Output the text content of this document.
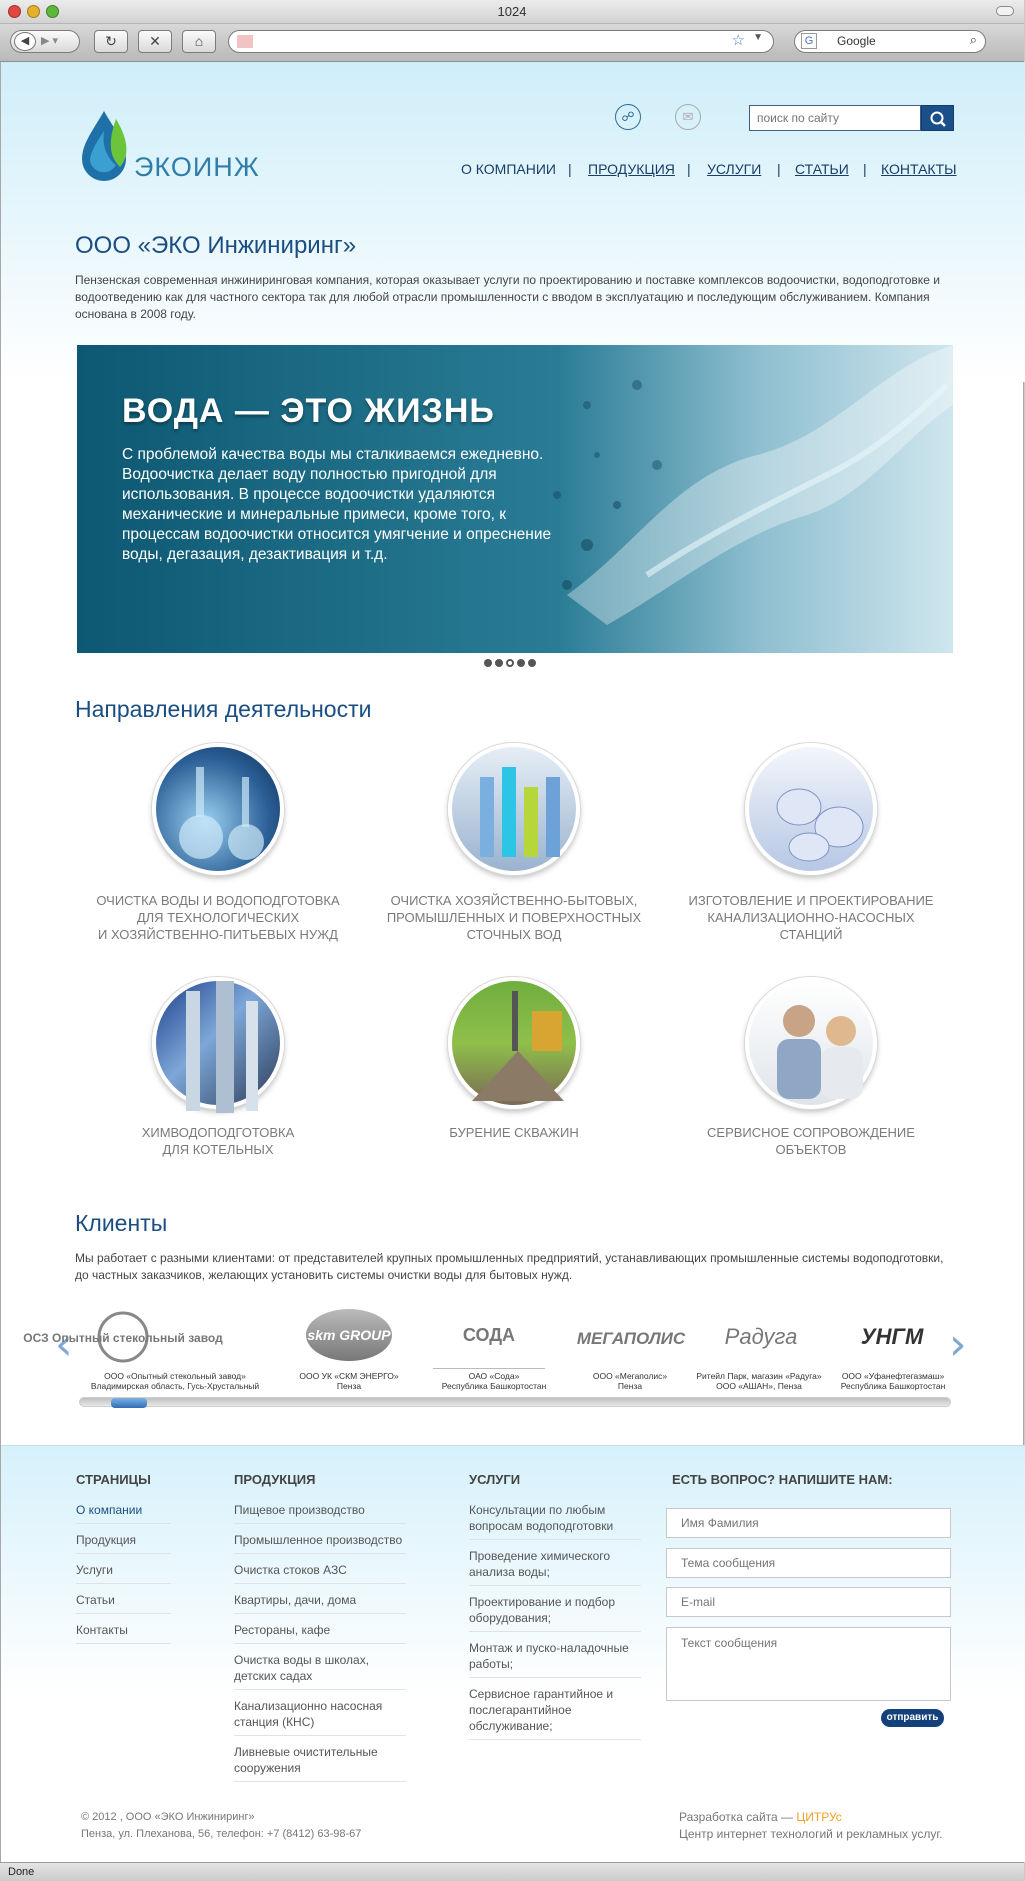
1024
◀	▶ ▾	↻	✕	⌂	☆ ▼	G	Google	⌕
ЭКОИНЖ
☍	✉
поиск по сайту
О КОМПАНИИ | ПРОДУКЦИЯ | УСЛУГИ | СТАТЬИ | КОНТАКТЫ
ООО «ЭКО Инжиниринг»

Пензенская современная инжиниринговая компания, которая оказывает услуги по проектированию и поставке комплексов водоочистки, водоподготовке и водоотведению как для частного сектора так для любой отрасли промышленности с вводом в эксплуатацию и последующим обслуживанием. Компания основана в 2008 году.

ВОДА — ЭТО ЖИЗНЬ
С проблемой качества воды мы сталкиваемся ежедневно. Водоочистка делает воду полностью пригодной для использования. В процессе водоочистки удаляются механические и минеральные примеси, кроме того, к процессам водоочистки относится умягчение и опреснение воды, дегазация, дезактивация и т.д.
Направления деятельности
ОЧИСТКА ВОДЫ И ВОДОПОДГОТОВКА
ДЛЯ ТЕХНОЛОГИЧЕСКИХ
И ХОЗЯЙСТВЕННО-ПИТЬЕВЫХ НУЖД
ОЧИСТКА ХОЗЯЙСТВЕННО-БЫТОВЫХ,
ПРОМЫШЛЕННЫХ И ПОВЕРХНОСТНЫХ
СТОЧНЫХ ВОД
ИЗГОТОВЛЕНИЕ И ПРОЕКТИРОВАНИЕ
КАНАЛИЗАЦИОННО-НАСОСНЫХ СТАНЦИЙ
ХИМВОДОПОДГОТОВКА
ДЛЯ КОТЕЛЬНЫХ
БУРЕНИЕ СКВАЖИН	СЕРВИСНОЕ СОПРОВОЖДЕНИЕ
ОБЪЕКТОВ
Клиенты

Мы работает с разными клиентами: от представителей крупных промышленных предприятий, устанавливающих промышленные системы водоподготовки, до частных заказчиков, желающих установить системы очистки воды для бытовых нужд.

‹	›
ОСЗ Опытный стекольный завод
ООО «Опытный стекольный завод»
Владимирская область, Гусь-Хрустальный
skm GROUP
ООО УК «СКМ ЭНЕРГО»
Пенза
СОДА
ОАО «Сода»
Республика Башкортостан
МЕГАПОЛИС
ООО «Мегаполис»
Пенза
Радуга
Ритейл Парк, магазин «Радуга»
ООО «АШАН», Пенза
УНГМ
ООО «Уфанефтегазмаш»
Республика Башкортостан
СТРАНИЦЫ
О компании
Продукция
Услуги
Статьи
Контакты
ПРОДУКЦИЯ
Пищевое производство
Промышленное производство
Очистка стоков АЗС
Квартиры, дачи, дома
Рестораны, кафе
Очистка воды в школах, детских садах
Канализационно насосная станция (КНС)
Ливневые очистительные сооружения
УСЛУГИ
Консультации по любым вопросам водоподготовки
Проведение химического анализа воды;
Проектирование и подбор оборудования;
Монтаж и пуско-наладочные работы;
Сервисное гарантийное и послегарантийное обслуживание;
ЕСТЬ ВОПРОС? НАПИШИТЕ НАМ:
Имя Фамилия
Тема сообщения
E-mail
Текст сообщения
отправить
© 2012 , ООО «ЭКО Инжиниринг»
Пенза, ул. Плеханова, 56, телефон: +7 (8412) 63-98-67
Разработка сайта — ЦИТРУс
Центр интернет технологий и рекламных услуг.
Done
